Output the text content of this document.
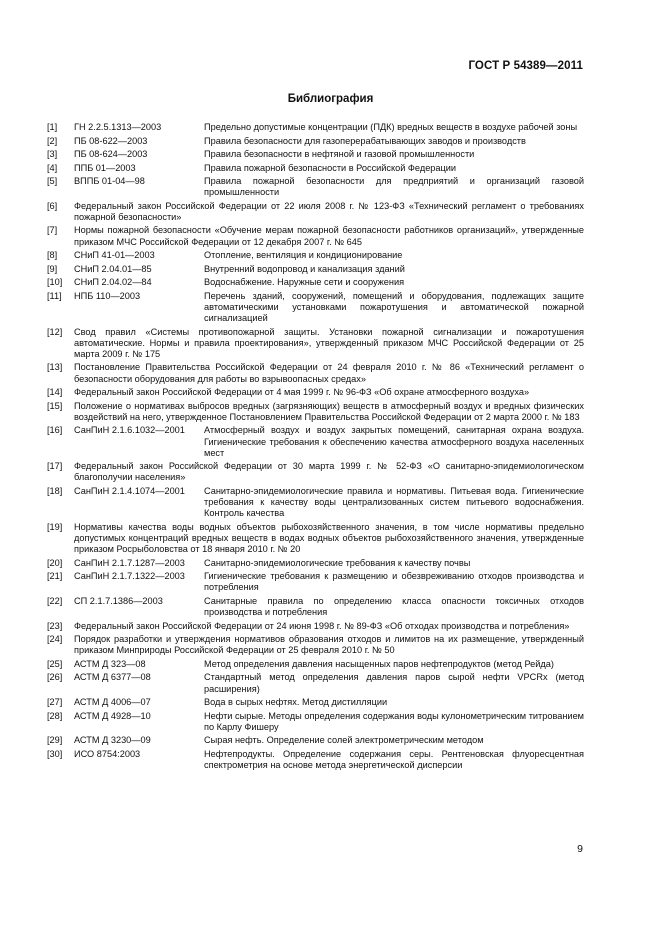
ГОСТ Р 54389—2011
Библиография
[1]	ГН 2.2.5.1313—2003	Предельно допустимые концентрации (ПДК) вредных веществ в воздухе рабочей зоны
[2]	ПБ 08-622—2003	Правила безопасности для газоперерабатывающих заводов и производств
[3]	ПБ 08-624—2003	Правила безопасности в нефтяной и газовой промышленности
[4]	ППБ 01—2003	Правила пожарной безопасности в Российской Федерации
[5]	ВППБ 01-04—98	Правила пожарной безопасности для предприятий и организаций газовой промышленности
[6]	Федеральный закон Российской Федерации от 22 июля 2008 г. № 123-ФЗ «Технический регламент о требованиях пожарной безопасности»
[7]	Нормы пожарной безопасности «Обучение мерам пожарной безопасности работников организаций», утвержденные приказом МЧС Российской Федерации от 12 декабря 2007 г. № 645
[8]	СНиП 41-01—2003	Отопление, вентиляция и кондиционирование
[9]	СНиП 2.04.01—85	Внутренний водопровод и канализация зданий
[10]	СНиП 2.04.02—84	Водоснабжение. Наружные сети и сооружения
[11]	НПБ 110—2003	Перечень зданий, сооружений, помещений и оборудования, подлежащих защите автоматическими установками пожаротушения и автоматической пожарной сигнализацией
[12]	Свод правил «Системы противопожарной защиты. Установки пожарной сигнализации и пожаротушения автоматические. Нормы и правила проектирования», утвержденный приказом МЧС Российской Федерации от 25 марта 2009 г. № 175
[13]	Постановление Правительства Российской Федерации от 24 февраля 2010 г. № 86 «Технический регламент о безопасности оборудования для работы во взрывоопасных средах»
[14]	Федеральный закон Российской Федерации от 4 мая 1999 г. № 96-ФЗ «Об охране атмосферного воздуха»
[15]	Положение о нормативах выбросов вредных (загрязняющих) веществ в атмосферный воздух и вредных физических воздействий на него, утвержденное Постановлением Правительства Российской Федерации от 2 марта 2000 г. № 183
[16]	СанПиН 2.1.6.1032—2001	Атмосферный воздух и воздух закрытых помещений, санитарная охрана воздуха. Гигиенические требования к обеспечению качества атмосферного воздуха населенных мест
[17]	Федеральный закон Российской Федерации от 30 марта 1999 г. № 52-ФЗ «О санитарно-эпидемиологическом благополучии населения»
[18]	СанПиН 2.1.4.1074—2001	Санитарно-эпидемиологические правила и нормативы. Питьевая вода. Гигиенические требования к качеству воды централизованных систем питьевого водоснабжения. Контроль качества
[19]	Нормативы качества воды водных объектов рыбохозяйственного значения, в том числе нормативы предельно допустимых концентраций вредных веществ в водах водных объектов рыбохозяйственного значения, утвержденные приказом Росрыболовства от 18 января 2010 г. № 20
[20]	СанПиН 2.1.7.1287—2003	Санитарно-эпидемиологические требования к качеству почвы
[21]	СанПиН 2.1.7.1322—2003	Гигиенические требования к размещению и обезвреживанию отходов производства и потребления
[22]	СП 2.1.7.1386—2003	Санитарные правила по определению класса опасности токсичных отходов производства и потребления
[23]	Федеральный закон Российской Федерации от 24 июня 1998 г. № 89-ФЗ «Об отходах производства и потребления»
[24]	Порядок разработки и утверждения нормативов образования отходов и лимитов на их размещение, утвержденный приказом Минприроды Российской Федерации от 25 февраля 2010 г. № 50
[25]	АСТМ Д 323—08	Метод определения давления насыщенных паров нефтепродуктов (метод Рейда)
[26]	АСТМ Д 6377—08	Стандартный метод определения давления паров сырой нефти VPCRx (метод расширения)
[27]	АСТМ Д 4006—07	Вода в сырых нефтях. Метод дистилляции
[28]	АСТМ Д 4928—10	Нефти сырые. Методы определения содержания воды кулонометрическим титрованием по Карлу Фишеру
[29]	АСТМ Д 3230—09	Сырая нефть. Определение солей электрометрическим методом
[30]	ИСО 8754:2003	Нефтепродукты. Определение содержания серы. Рентгеновская флуоресцентная спектрометрия на основе метода энергетической дисперсии
9
